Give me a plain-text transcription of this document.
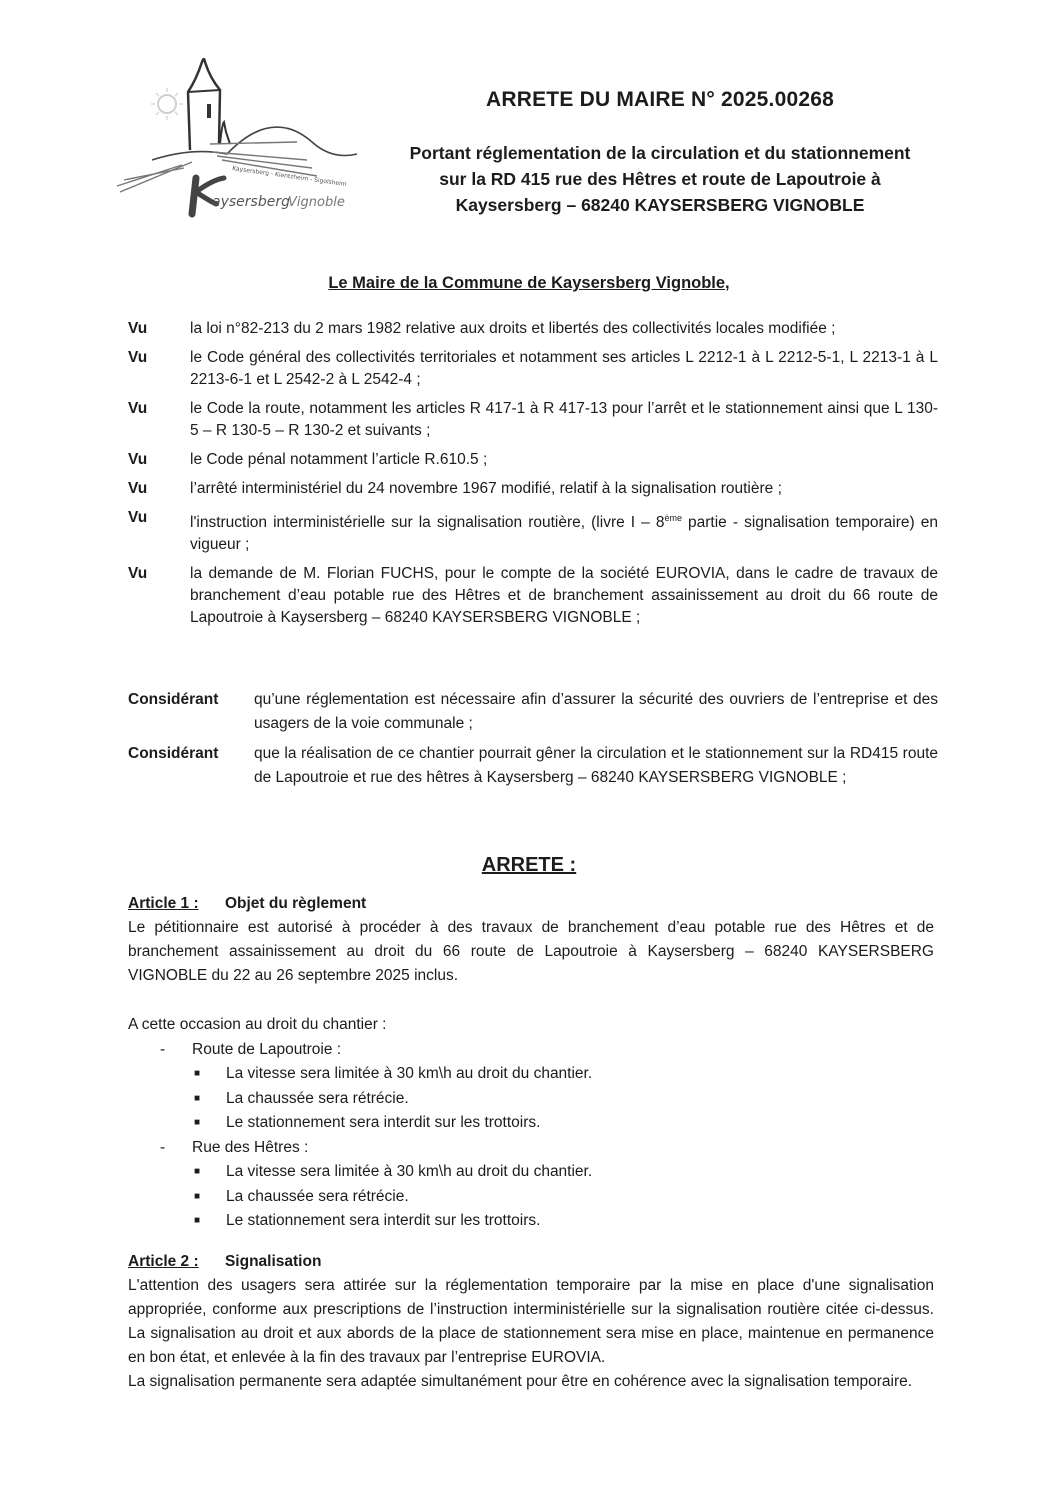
Kaysersberg - Kientzheim - Sigolsheim
aysersberg
Vignoble
ARRETE DU MAIRE N° 2025.00268
Portant réglementation de la circulation et du stationnement
sur la RD 415 rue des Hêtres et route de Lapoutroie à
Kaysersberg – 68240 KAYSERSBERG VIGNOBLE
Le Maire de la Commune de Kaysersberg Vignoble,
Vu	la loi n°82-213 du 2 mars 1982 relative aux droits et libertés des collectivités locales modifiée ;
Vu	le Code général des collectivités territoriales et notamment ses articles L 2212-1 à L 2212-5-1, L 2213-1 à L 2213-6-1 et L 2542-2 à L 2542-4 ;
Vu	le Code la route, notamment les articles R 417-1 à R 417-13 pour l’arrêt et le stationnement ainsi que L 130-5 – R 130-5 – R 130-2 et suivants ;
Vu	le Code pénal notamment l’article R.610.5 ;
Vu	l’arrêté interministériel du 24 novembre 1967 modifié, relatif à la signalisation routière ;
Vu	l'instruction interministérielle sur la signalisation routière, (livre I – 8ème partie - signalisation temporaire) en vigueur ;
Vu	la demande de M. Florian FUCHS, pour le compte de la société EUROVIA, dans le cadre de travaux de branchement d’eau potable rue des Hêtres et de branchement assainissement au droit du 66 route de Lapoutroie à Kaysersberg – 68240 KAYSERSBERG VIGNOBLE ;
Considérant	qu’une réglementation est nécessaire afin d’assurer la sécurité des ouvriers de l’entreprise et des usagers de la voie communale ;
Considérant	que la réalisation de ce chantier pourrait gêner la circulation et le stationnement sur la RD415 route de Lapoutroie et rue des hêtres à Kaysersberg – 68240 KAYSERSBERG VIGNOBLE ;
ARRETE :
Article 1 : Objet du règlement
Le pétitionnaire est autorisé à procéder à des travaux de branchement d’eau potable rue des Hêtres et de branchement assainissement au droit du 66 route de Lapoutroie à Kaysersberg – 68240 KAYSERSBERG VIGNOBLE du 22 au 26 septembre 2025 inclus.
A cette occasion au droit du chantier :
-	Route de Lapoutroie :
■	La vitesse sera limitée à 30 km\h au droit du chantier.
■	La chaussée sera rétrécie.
■	Le stationnement sera interdit sur les trottoirs.
-	Rue des Hêtres :
■	La vitesse sera limitée à 30 km\h au droit du chantier.
■	La chaussée sera rétrécie.
■	Le stationnement sera interdit sur les trottoirs.
Article 2 : Signalisation
L'attention des usagers sera attirée sur la réglementation temporaire par la mise en place d'une signalisation appropriée, conforme aux prescriptions de l’instruction interministérielle sur la signalisation routière citée ci-dessus. La signalisation au droit et aux abords de la place de stationnement sera mise en place, maintenue en permanence en bon état, et enlevée à la fin des travaux par l’entreprise EUROVIA.
La signalisation permanente sera adaptée simultanément pour être en cohérence avec la signalisation temporaire.
